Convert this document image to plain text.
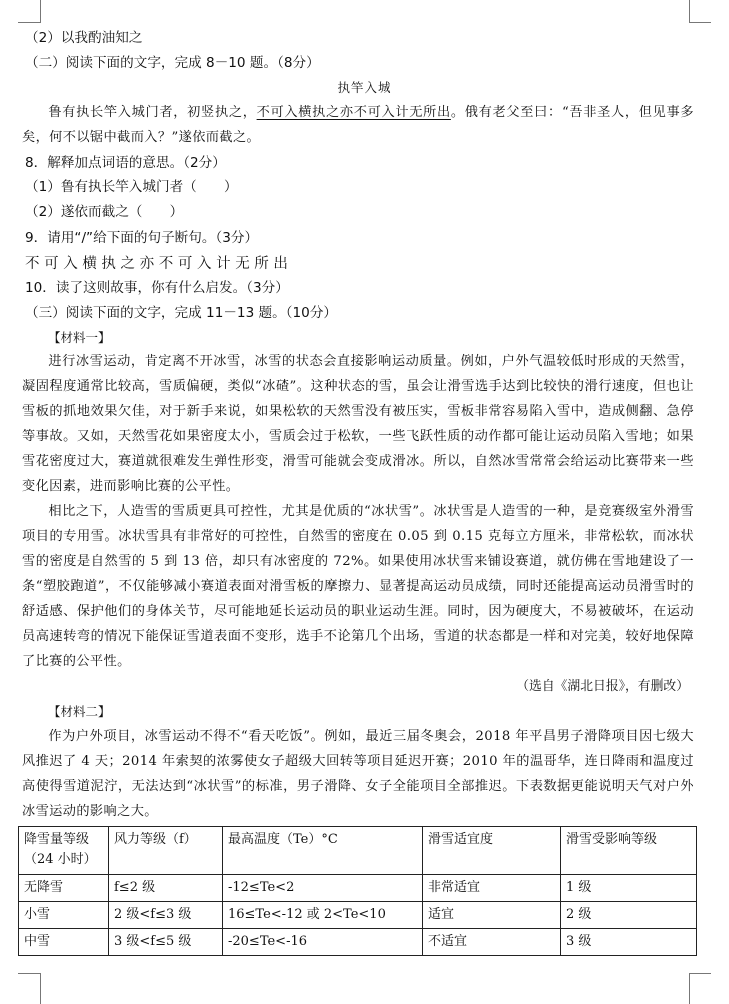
（2）以我酌油知之
（二）阅读下面的文字，完成 8－10 题。（8分）
执竿入城
鲁有执长竿入城门者，初竖执之，不可入横执之亦不可入计无所出。俄有老父至曰：“吾非圣人，但见事多矣，何不以锯中截而入？”遂依而截之。
8．解释加点词语的意思。（2分）
（1）鲁有执长竿入城门者（　　）
（2）遂依而截之（　　）
9．请用“/”给下面的句子断句。（3分）
不 可 入 横 执 之 亦 不 可 入 计 无 所 出
10．读了这则故事，你有什么启发。（3分）
（三）阅读下面的文字，完成 11－13 题。（10分）
【材料一】
进行冰雪运动，肯定离不开冰雪，冰雪的状态会直接影响运动质量。例如，户外气温较低时形成的天然雪，凝固程度通常比较高，雪质偏硬，类似“冰碴”。这种状态的雪，虽会让滑雪选手达到比较快的滑行速度，但也让雪板的抓地效果欠佳，对于新手来说，如果松软的天然雪没有被压实，雪板非常容易陷入雪中，造成侧翻、急停等事故。又如，天然雪花如果密度太小，雪质会过于松软，一些飞跃性质的动作都可能让运动员陷入雪地；如果雪花密度过大，赛道就很难发生弹性形变，滑雪可能就会变成滑冰。所以，自然冰雪常常会给运动比赛带来一些变化因素，进而影响比赛的公平性。
相比之下，人造雪的雪质更具可控性，尤其是优质的“冰状雪”。冰状雪是人造雪的一种，是竞赛级室外滑雪项目的专用雪。冰状雪具有非常好的可控性，自然雪的密度在 0.05 到 0.15 克每立方厘米，非常松软，而冰状雪的密度是自然雪的 5 到 13 倍，却只有冰密度的 72%。如果使用冰状雪来铺设赛道，就仿佛在雪地建设了一条“塑胶跑道”，不仅能够减小赛道表面对滑雪板的摩擦力、显著提高运动员成绩，同时还能提高运动员滑雪时的舒适感、保护他们的身体关节，尽可能地延长运动员的职业运动生涯。同时，因为硬度大，不易被破坏，在运动员高速转弯的情况下能保证雪道表面不变形，选手不论第几个出场，雪道的状态都是一样和对完美，较好地保障了比赛的公平性。
（选自《湖北日报》，有删改）
【材料二】
作为户外项目，冰雪运动不得不“看天吃饭”。例如，最近三届冬奥会，2018 年平昌男子滑降项目因七级大风推迟了 4 天；2014 年索契的浓雾使女子超级大回转等项目延迟开赛；2010 年的温哥华，连日降雨和温度过高使得雪道泥泞，无法达到“冰状雪”的标准，男子滑降、女子全能项目全部推迟。下表数据更能说明天气对户外冰雪运动的影响之大。
降雪量等级
（24 小时）	风力等级（f）	最高温度（Te）°C	滑雪适宜度	滑雪受影响等级
无降雪	f≤2 级	-12≤Te<2	非常适宜	1 级
小雪	2 级<f≤3 级	16≤Te<-12 或 2<Te<10	适宜	2 级
中雪	3 级<f≤5 级	-20≤Te<-16	不适宜	3 级
